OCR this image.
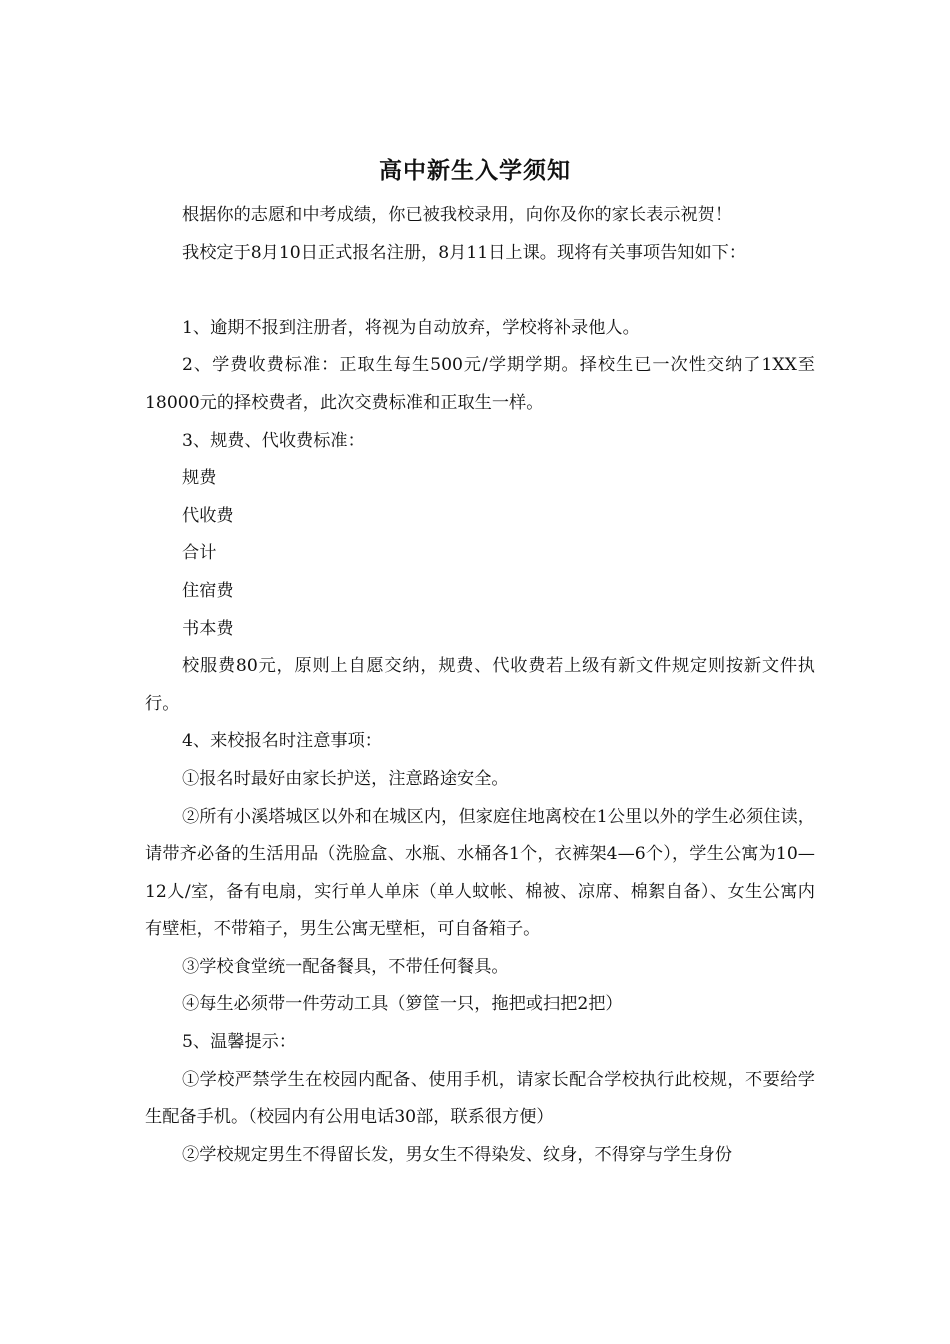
高中新生入学须知

根据你的志愿和中考成绩，你已被我校录用，向你及你的家长表示祝贺！

我校定于8月10日正式报名注册，8月11日上课。现将有关事项告知如下：

1、逾期不报到注册者，将视为自动放弃，学校将补录他人。

2、学费收费标准：正取生每生500元/学期学期。择校生已一次性交纳了1XX至18000元的择校费者，此次交费标准和正取生一样。

3、规费、代收费标准：

规费

代收费

合计

住宿费

书本费

校服费80元，原则上自愿交纳，规费、代收费若上级有新文件规定则按新文件执行。

4、来校报名时注意事项：

①报名时最好由家长护送，注意路途安全。

②所有小溪塔城区以外和在城区内，但家庭住地离校在1公里以外的学生必须住读，请带齐必备的生活用品（洗脸盒、水瓶、水桶各1个，衣裤架4—6个），学生公寓为10—12人/室，备有电扇，实行单人单床（单人蚊帐、棉被、凉席、棉絮自备）、女生公寓内有壁柜，不带箱子，男生公寓无壁柜，可自备箱子。

③学校食堂统一配备餐具，不带任何餐具。

④每生必须带一件劳动工具（箩筐一只，拖把或扫把2把）

5、温馨提示：

①学校严禁学生在校园内配备、使用手机，请家长配合学校执行此校规，不要给学生配备手机。（校园内有公用电话30部，联系很方便）

②学校规定男生不得留长发，男女生不得染发、纹身，不得穿与学生身份
